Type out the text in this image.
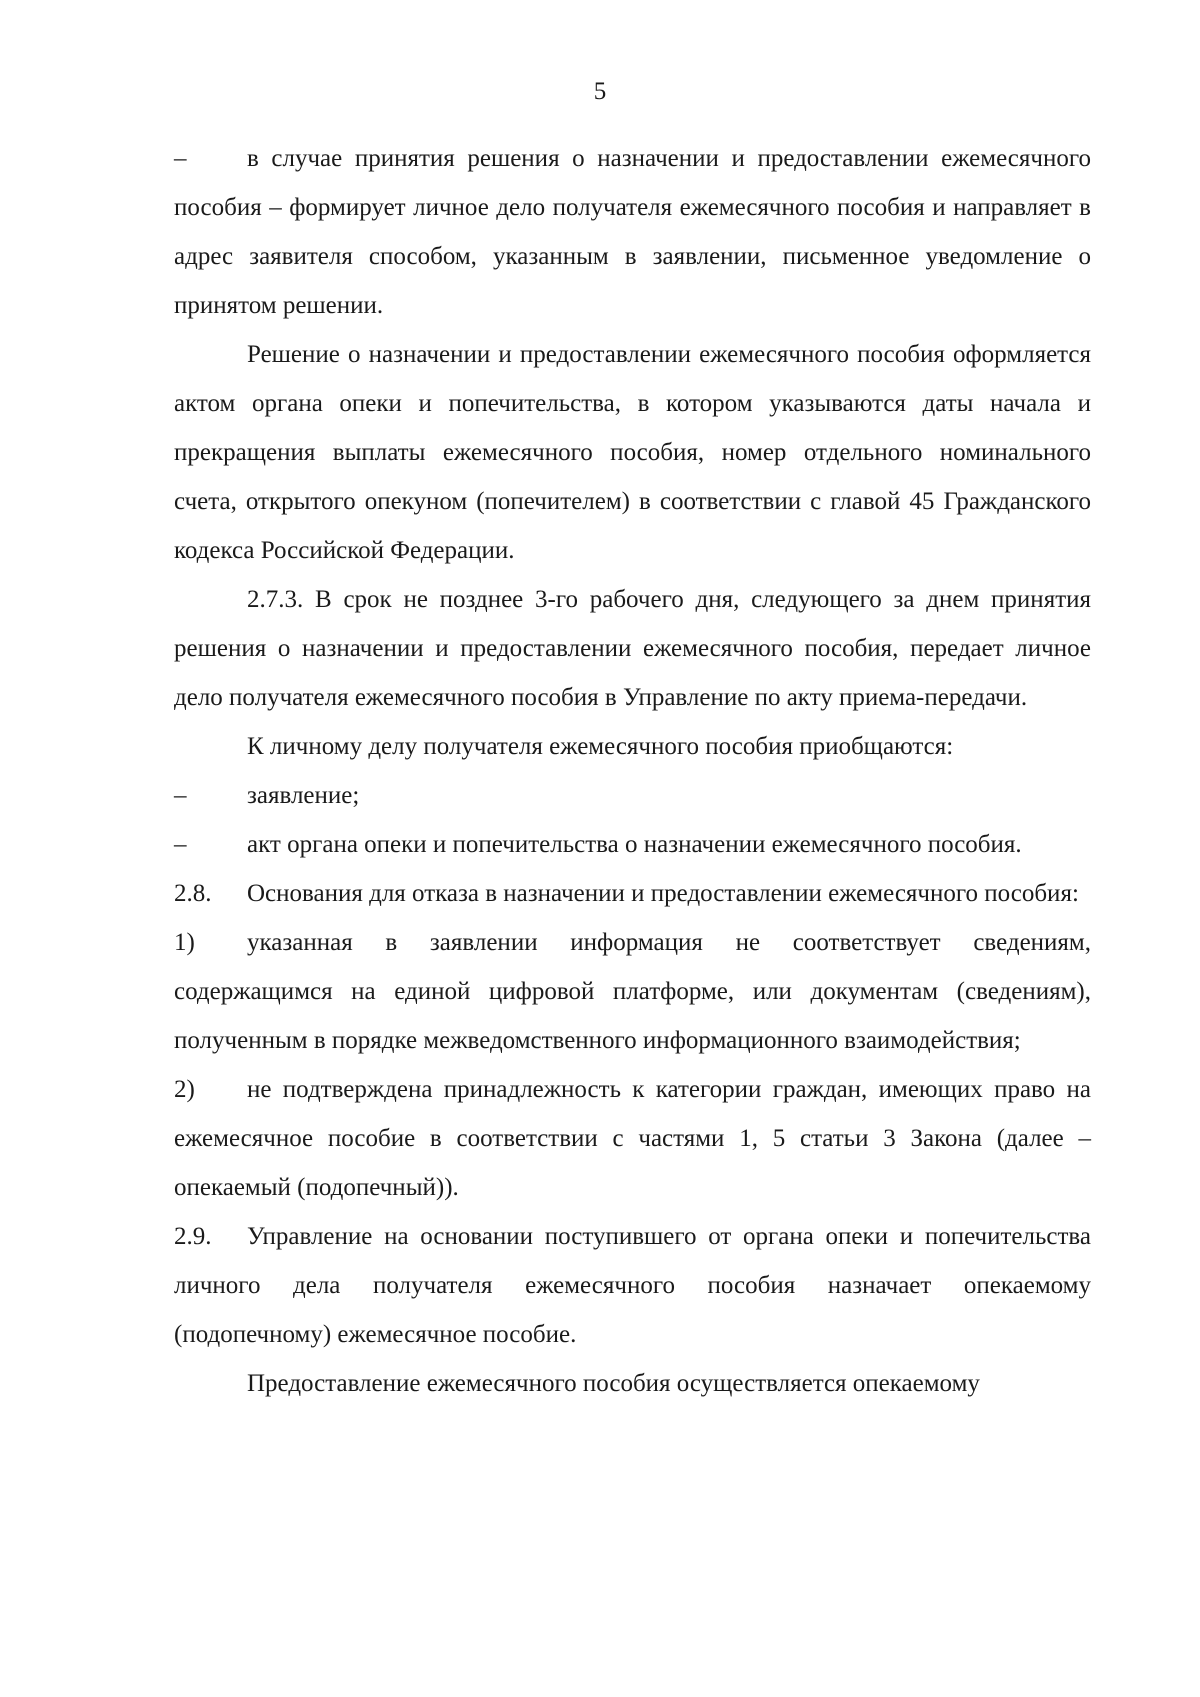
5

– в случае принятия решения о назначении и предоставлении ежемесячного пособия – формирует личное дело получателя ежемесячного пособия и направляет в адрес заявителя способом, указанным в заявлении, письменное уведомление о принятом решении.

Решение о назначении и предоставлении ежемесячного пособия оформляется актом органа опеки и попечительства, в котором указываются даты начала и прекращения выплаты ежемесячного пособия, номер отдельного номинального счета, открытого опекуном (попечителем) в соответствии с главой 45 Гражданского кодекса Российской Федерации.

2.7.3. В срок не позднее 3-го рабочего дня, следующего за днем принятия решения о назначении и предоставлении ежемесячного пособия, передает личное дело получателя ежемесячного пособия в Управление по акту приема-передачи.

К личному делу получателя ежемесячного пособия приобщаются:

– заявление;

– акт органа опеки и попечительства о назначении ежемесячного пособия.

2.8. Основания для отказа в назначении и предоставлении ежемесячного пособия:

1) указанная в заявлении информация не соответствует сведениям, содержащимся на единой цифровой платформе, или документам (сведениям), полученным в порядке межведомственного информационного взаимодействия;

2) не подтверждена принадлежность к категории граждан, имеющих право на ежемесячное пособие в соответствии с частями 1, 5 статьи 3 Закона (далее – опекаемый (подопечный)).

2.9. Управление на основании поступившего от органа опеки и попечительства личного дела получателя ежемесячного пособия назначает опекаемому (подопечному) ежемесячное пособие.

Предоставление ежемесячного пособия осуществляется опекаемому
